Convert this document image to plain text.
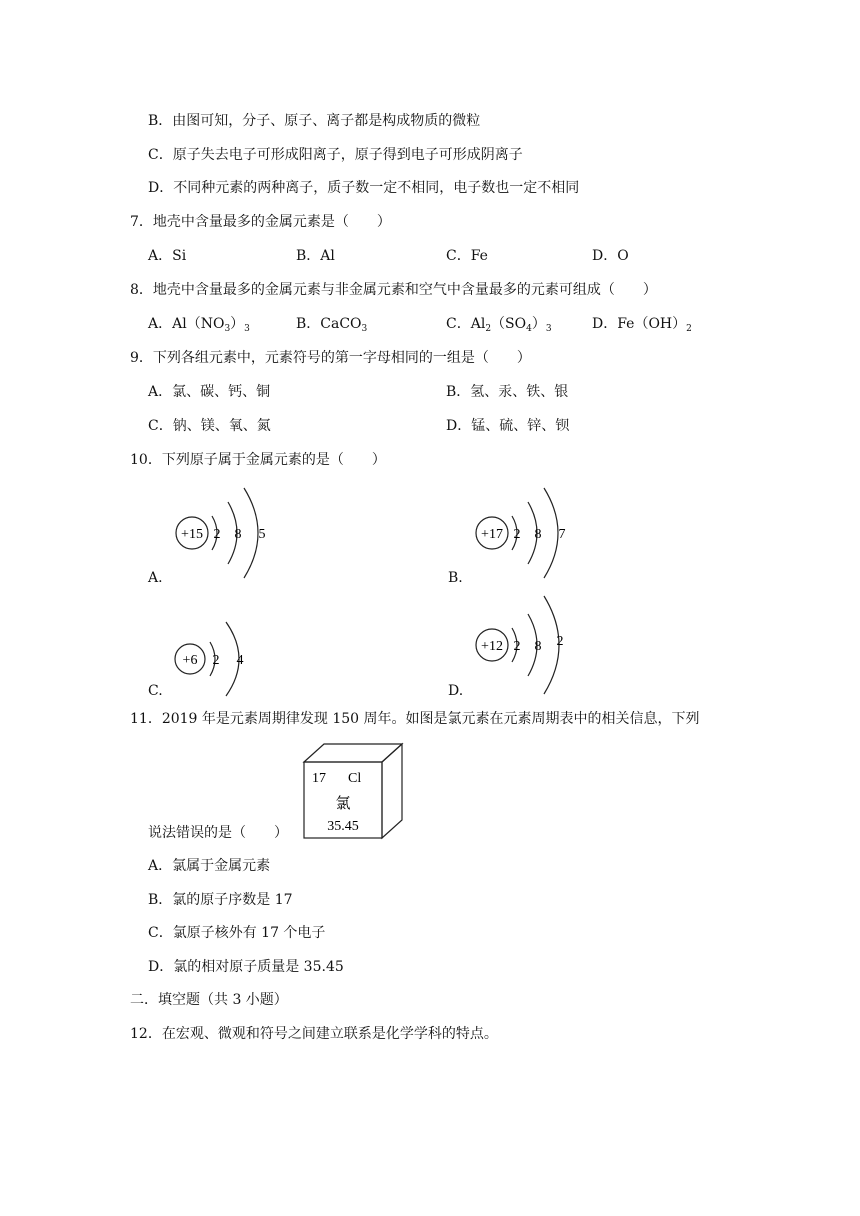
B．由图可知，分子、原子、离子都是构成物质的微粒
C．原子失去电子可形成阳离子，原子得到电子可形成阴离子
D．不同种元素的两种离子，质子数一定不相同，电子数也一定不相同
7．地壳中含量最多的金属元素是（　　）
A．Si	B．Al	C．Fe	D．O
8．地壳中含量最多的金属元素与非金属元素和空气中含量最多的元素可组成（　　）
A．$Al(NO_3)_3$	B．CaCO$_3$	C．$Al_2(SO_4)_3$	D．$Fe(OH)_2$
9．下列各组元素中，元素符号的第一字母相同的一组是（　　）
A．氯、碳、钙、铜	B．氢、汞、铁、银
C．钠、镁、氧、氮	D．锰、硫、锌、钡
10．下列原子属于金属元素的是（　　）
+15 2 8 5
A.
+17 2 8 7
B.
+6 2 4
C.
+12 2 8 2
D.
11．2019 年是元素周期律发现 150 周年。如图是氯元素在元素周期表中的相关信息，下列
17 Cl
氯
35.45
说法错误的是（　　）
A．氯属于金属元素
B．氯的原子序数是 17
C．氯原子核外有 17 个电子
D．氯的相对原子质量是 35.45
二．填空题（共 3 小题）
12．在宏观、微观和符号之间建立联系是化学学科的特点。
